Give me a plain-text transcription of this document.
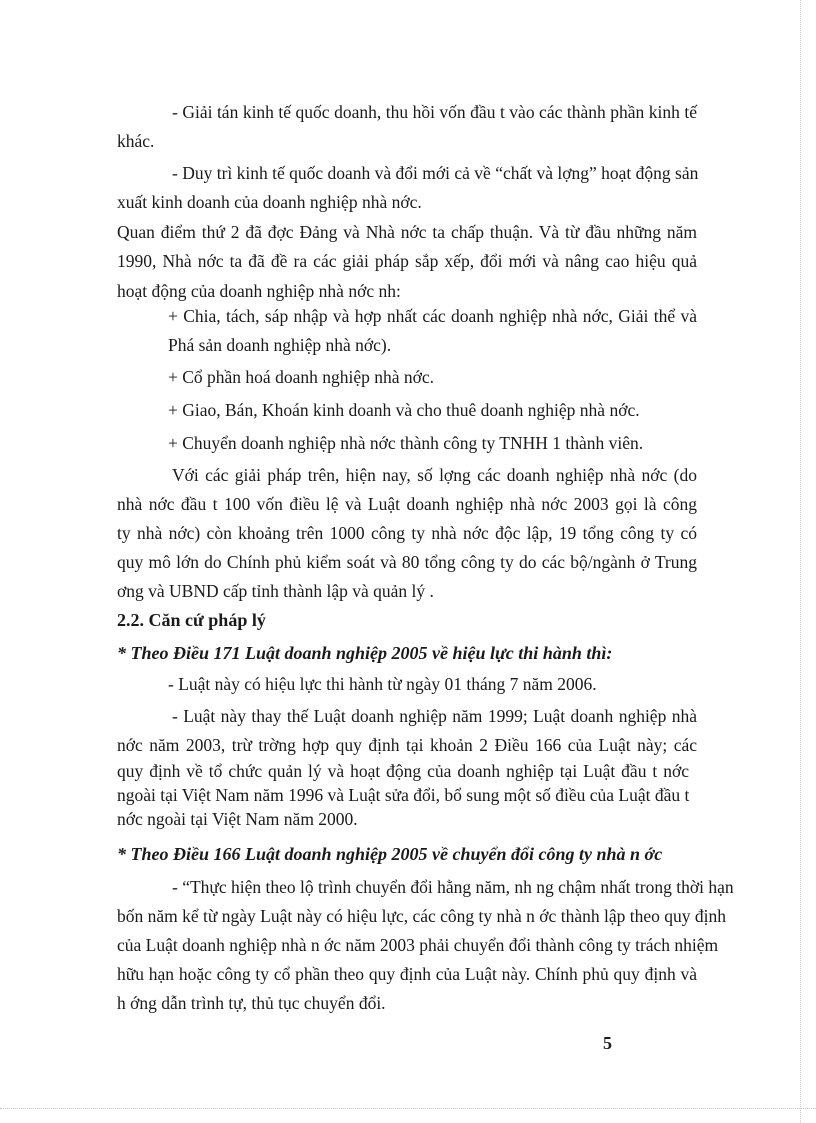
- Giải tán kinh tế quốc doanh, thu hồi vốn đầu t vào các thành phần kinh tế
khác.
- Duy trì kinh tế quốc doanh và đổi mới cả về “chất và lợng” hoạt động sản
xuất kinh doanh của doanh nghiệp nhà nớc.
Quan điểm thứ 2 đã đợc Đảng và Nhà nớc ta chấp thuận. Và từ đầu những năm
1990, Nhà nớc ta đã đề ra các giải pháp sắp xếp, đổi mới và nâng cao hiệu quả
hoạt động của doanh nghiệp nhà nớc nh:
+ Chia, tách, sáp nhập và hợp nhất các doanh nghiệp nhà nớc, Giải thể và
Phá sản doanh nghiệp nhà nớc).
+ Cổ phần hoá doanh nghiệp nhà nớc.
+ Giao, Bán, Khoán kinh doanh và cho thuê doanh nghiệp nhà nớc.
+ Chuyển doanh nghiệp nhà nớc thành công ty TNHH 1 thành viên.
Với các giải pháp trên, hiện nay, số lợng các doanh nghiệp nhà nớc (do
nhà nớc đầu t 100 vốn điều lệ và Luật doanh nghiệp nhà nớc 2003 gọi là công
ty nhà nớc) còn khoảng trên 1000 công ty nhà nớc độc lập, 19 tổng công ty có
quy mô lớn do Chính phủ kiểm soát và 80 tổng công ty do các bộ/ngành ở Trung
ơng và UBND cấp tỉnh thành lập và quản lý .
2.2. Căn cứ pháp lý
* Theo Điều 171 Luật doanh nghiệp 2005 về hiệu lực thi hành thì:
- Luật này có hiệu lực thi hành từ ngày 01 tháng 7 năm 2006.
- Luật này thay thế Luật doanh nghiệp năm 1999; Luật doanh nghiệp nhà
nớc năm 2003, trừ trờng hợp quy định tại khoản 2 Điều 166 của Luật này; các
quy định về tổ chức quản lý và hoạt động của doanh nghiệp tại Luật đầu t nớc
ngoài tại Việt Nam năm 1996 và Luật sửa đổi, bổ sung một số điều của Luật đầu t
nớc ngoài tại Việt Nam năm 2000.
* Theo Điều 166 Luật doanh nghiệp 2005 về chuyển đổi công ty nhà n ớc
- “Thực hiện theo lộ trình chuyển đổi hằng năm, nh ng chậm nhất trong thời hạn
bốn năm kể từ ngày Luật này có hiệu lực, các công ty nhà n ớc thành lập theo quy định
của Luật doanh nghiệp nhà n ớc năm 2003 phải chuyển đổi thành công ty trách nhiệm
hữu hạn hoặc công ty cổ phần theo quy định của Luật này. Chính phủ quy định và
h ớng dẫn trình tự, thủ tục chuyển đổi.
5
